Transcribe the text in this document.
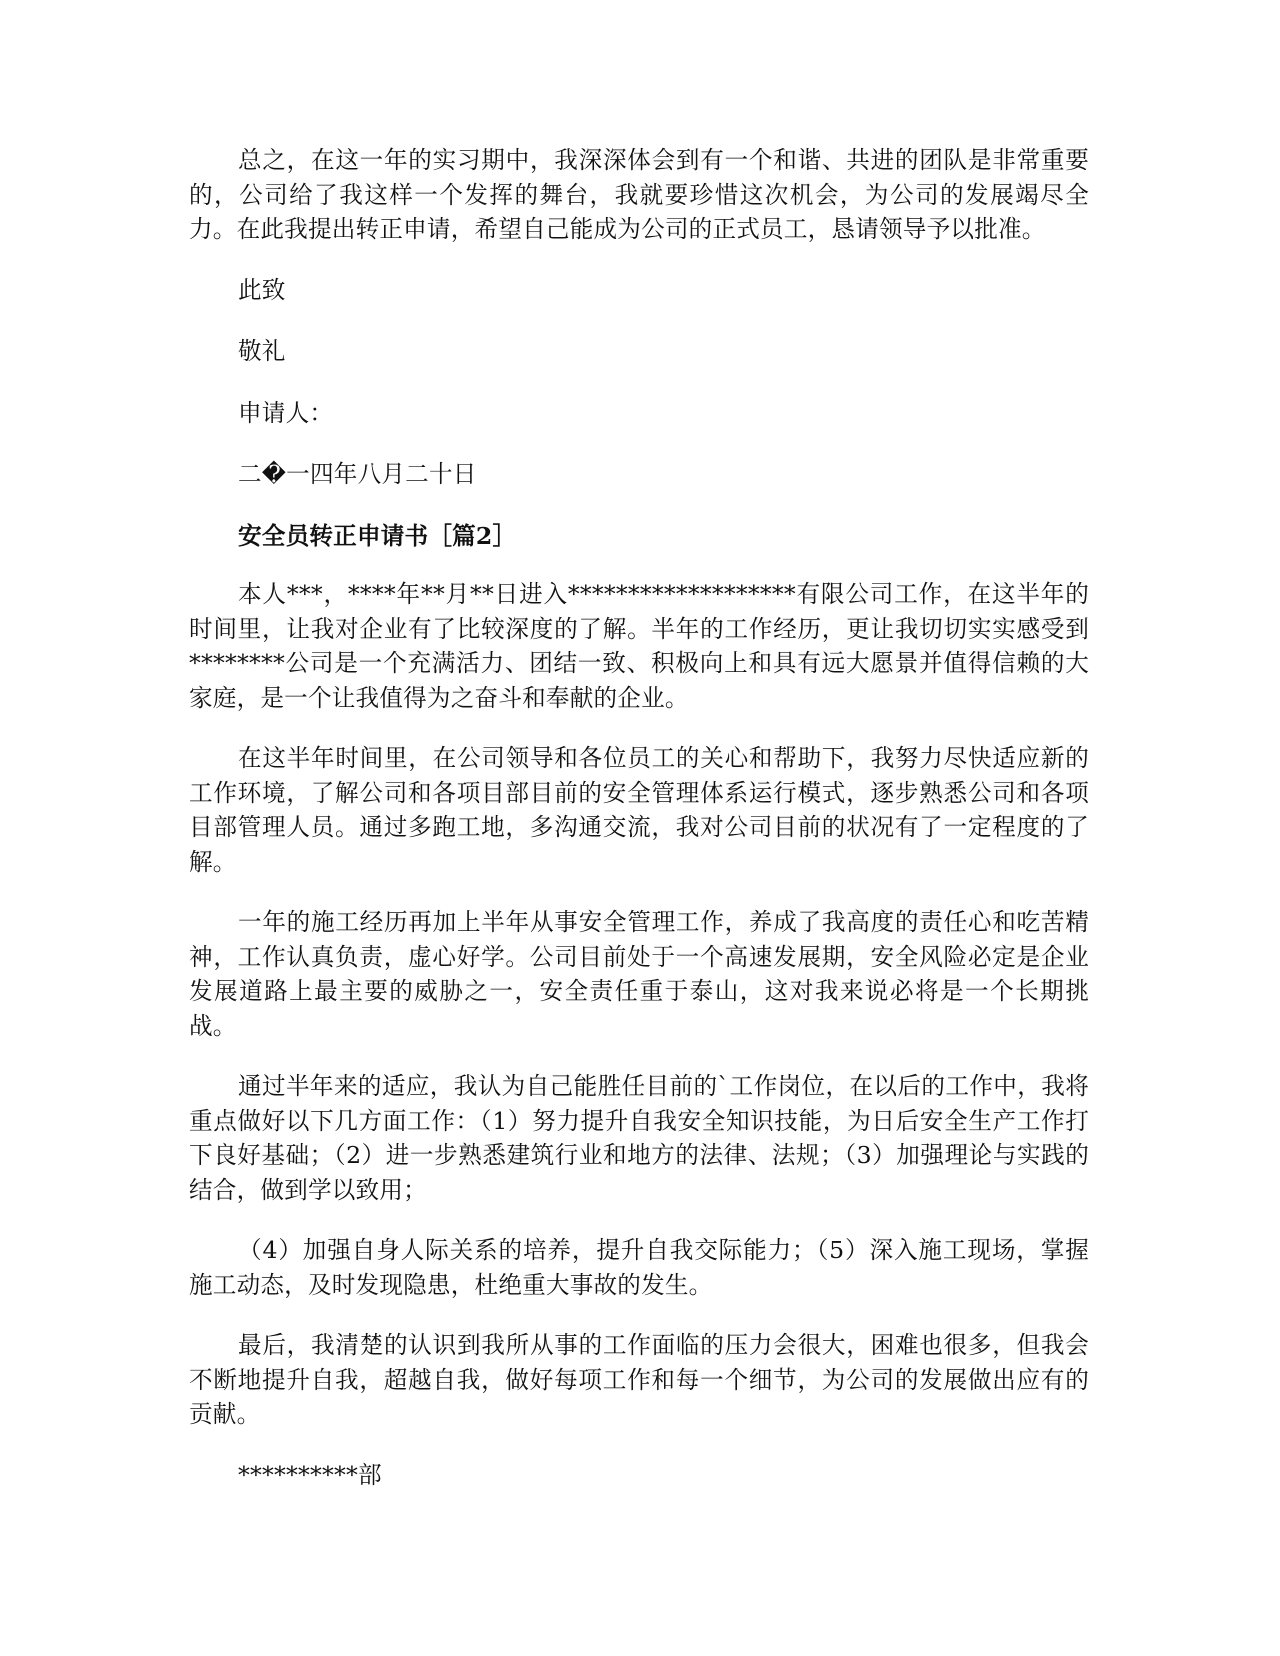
总之，在这一年的实习期中，我深深体会到有一个和谐、共进的团队是非常重要的，公司给了我这样一个发挥的舞台，我就要珍惜这次机会，为公司的发展竭尽全力。在此我提出转正申请，希望自己能成为公司的正式员工，恳请领导予以批准。

此致

敬礼

申请人：

二�一四年八月二十日

安全员转正申请书［篇2］

本人***，****年**月**日进入*******************有限公司工作，在这半年的时间里，让我对企业有了比较深度的了解。半年的工作经历，更让我切切实实感受到********公司是一个充满活力、团结一致、积极向上和具有远大愿景并值得信赖的大家庭，是一个让我值得为之奋斗和奉献的企业。

在这半年时间里，在公司领导和各位员工的关心和帮助下，我努力尽快适应新的工作环境，了解公司和各项目部目前的安全管理体系运行模式，逐步熟悉公司和各项目部管理人员。通过多跑工地，多沟通交流，我对公司目前的状况有了一定程度的了解。

一年的施工经历再加上半年从事安全管理工作，养成了我高度的责任心和吃苦精神，工作认真负责，虚心好学。公司目前处于一个高速发展期，安全风险必定是企业发展道路上最主要的威胁之一，安全责任重于泰山，这对我来说必将是一个长期挑战。

通过半年来的适应，我认为自己能胜任目前的`工作岗位，在以后的工作中，我将重点做好以下几方面工作：（1）努力提升自我安全知识技能，为日后安全生产工作打下良好基础；（2）进一步熟悉建筑行业和地方的法律、法规；（3）加强理论与实践的结合，做到学以致用；

（4）加强自身人际关系的培养，提升自我交际能力；（5）深入施工现场，掌握施工动态，及时发现隐患，杜绝重大事故的发生。

最后，我清楚的认识到我所从事的工作面临的压力会很大，困难也很多，但我会不断地提升自我，超越自我，做好每项工作和每一个细节，为公司的发展做出应有的贡献。

**********部
